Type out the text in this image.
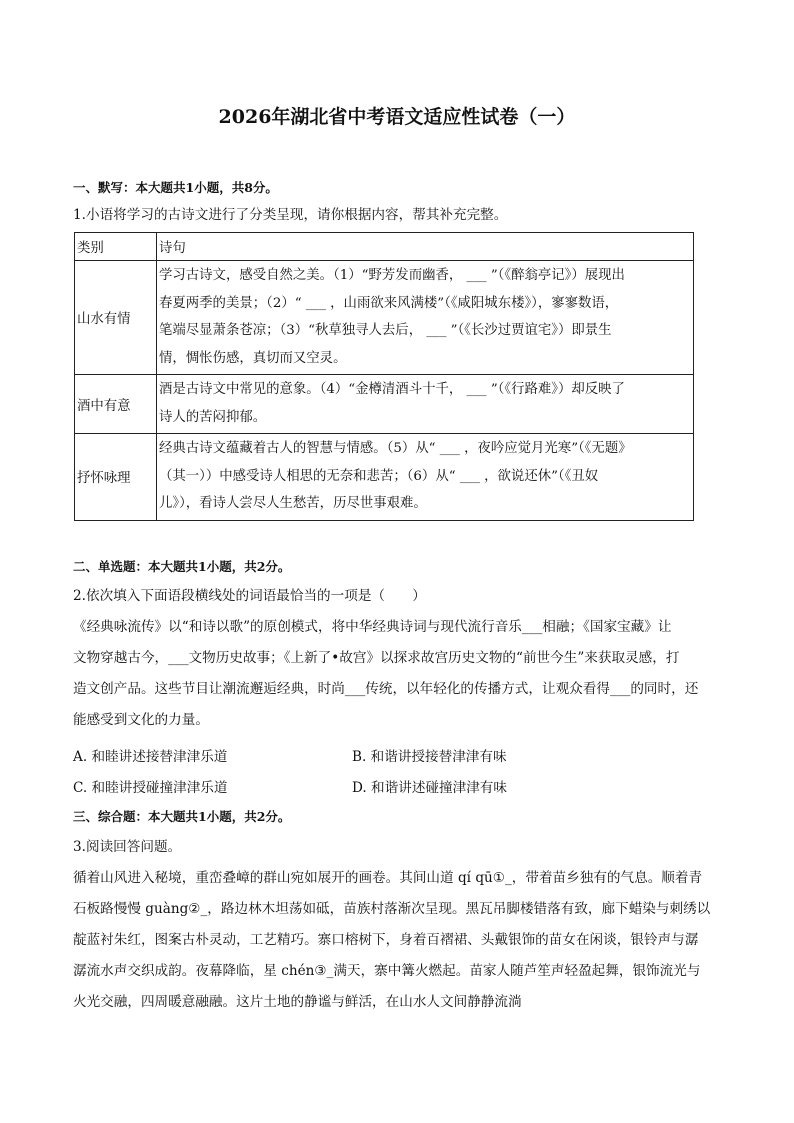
2026年湖北省中考语文适应性试卷（一）
一、默写：本大题共1小题，共8分。
1.小语将学习的古诗文进行了分类呈现，请你根据内容，帮其补充完整。
类别	诗句
山水有情	学习古诗文，感受自然之美。（1）“野芳发而幽香， ___ ”（《醉翁亭记》）展现出
春夏两季的美景；（2）“ ___ ，山雨欲来风满楼”（《咸阳城东楼》），寥寥数语，
笔端尽显萧条苍凉；（3）“秋草独寻人去后， ___ ”（《长沙过贾谊宅》）即景生
情，惆怅伤感，真切而又空灵。

酒中有意	酒是古诗文中常见的意象。（4）“金樽清酒斗十千， ___ ”（《行路难》）却反映了
诗人的苦闷抑郁。

抒怀咏理	经典古诗文蕴藏着古人的智慧与情感。（5）从“ ___ ，夜吟应觉月光寒”（《无题》
（其一））中感受诗人相思的无奈和悲苦；（6）从“ ___ ，欲说还休”（《丑奴
儿》），看诗人尝尽人生愁苦，历尽世事艰难。
二、单选题：本大题共1小题，共2分。
2.依次填入下面语段横线处的词语最恰当的一项是（　　）
《经典咏流传》以“和诗以歌”的原创模式，将中华经典诗词与现代流行音乐___相融；《国家宝藏》让
文物穿越古今，___文物历史故事；《上新了•故宫》以探求故宫历史文物的“前世今生”来获取灵感，打
造文创产品。这些节目让潮流邂逅经典，时尚___传统，以年轻化的传播方式，让观众看得___的同时，还
能感受到文化的力量。
A. 和睦讲述接替津津乐道	B. 和谐讲授接替津津有味
C. 和睦讲授碰撞津津乐道	D. 和谐讲述碰撞津津有味
三、综合题：本大题共1小题，共2分。
3.阅读回答问题。
循着山风进入秘境，重峦叠嶂的群山宛如展开的画卷。其间山道 qí qū①_，带着苗乡独有的气息。顺着青
石板路慢慢 guàng②_，路边林木坦荡如砥，苗族村落渐次呈现。黑瓦吊脚楼错落有致，廊下蜡染与刺绣以
靛蓝衬朱红，图案古朴灵动，工艺精巧。寨口榕树下，身着百褶裙、头戴银饰的苗女在闲谈，银铃声与潺
潺流水声交织成韵。夜幕降临，星 chén③_满天，寨中篝火燃起。苗家人随芦笙声轻盈起舞，银饰流光与
火光交融，四周暖意融融。这片土地的静谧与鲜活，在山水人文间静静流淌
